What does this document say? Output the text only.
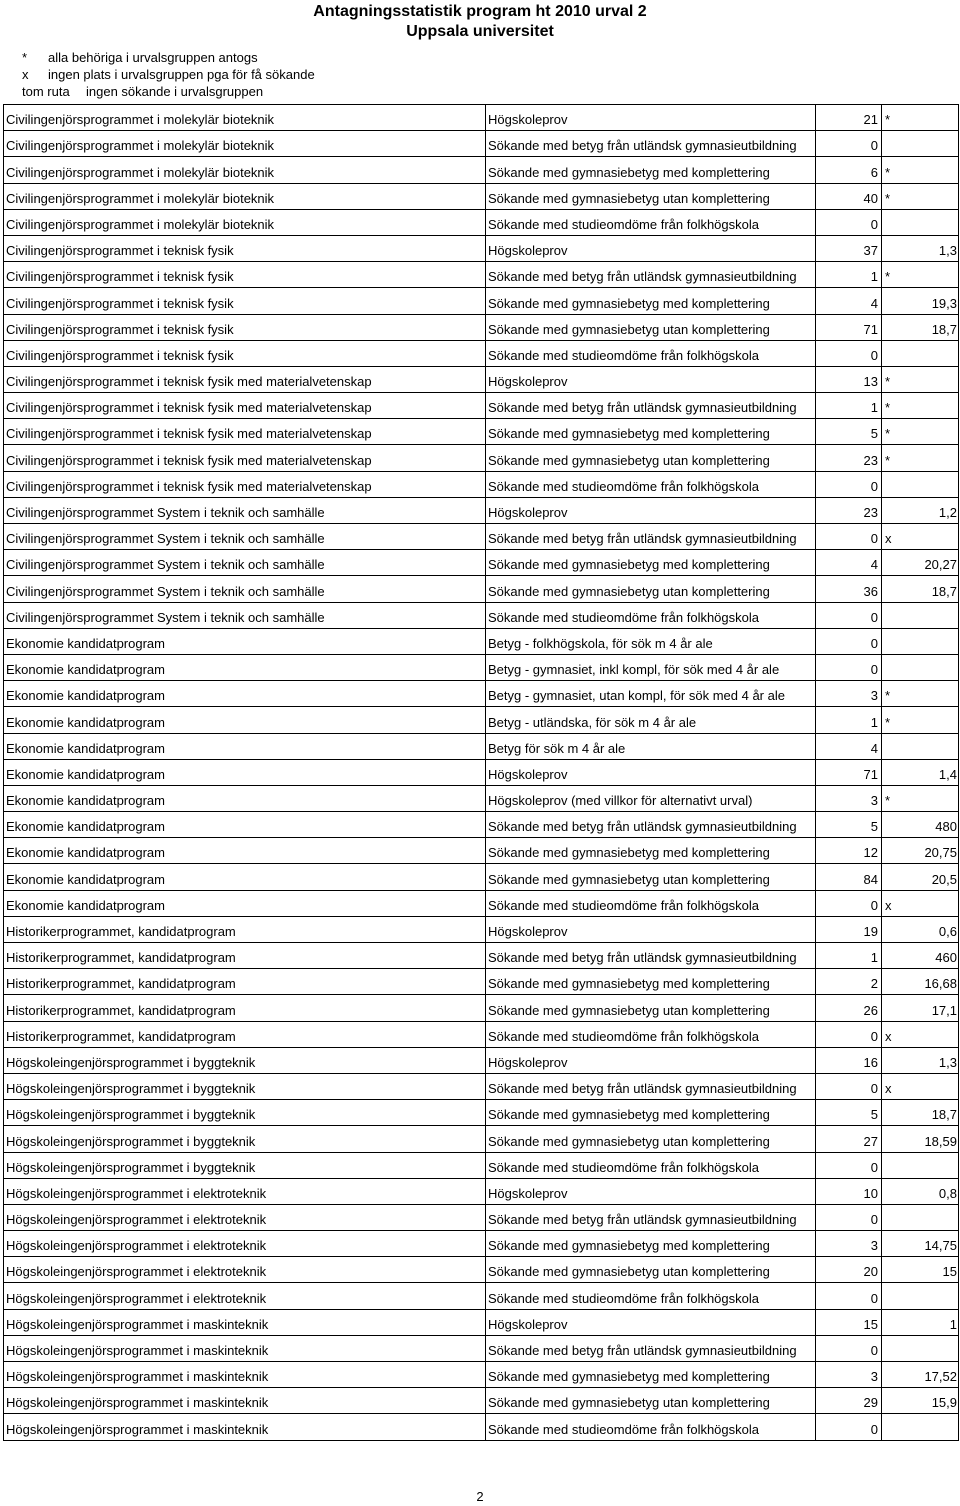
Antagningsstatistik program ht 2010 urval 2
Uppsala universitet
*	alla behöriga i urvalsgruppen antogs
x	ingen plats i urvalsgruppen pga för få sökande
tom ruta	ingen sökande i urvalsgruppen
Civilingenjörsprogrammet i molekylär bioteknik	Högskoleprov	21 *
Civilingenjörsprogrammet i molekylär bioteknik	Sökande med betyg från utländsk gymnasieutbildning	0
Civilingenjörsprogrammet i molekylär bioteknik	Sökande med gymnasiebetyg med komplettering	6 *
Civilingenjörsprogrammet i molekylär bioteknik	Sökande med gymnasiebetyg utan komplettering	40 *
Civilingenjörsprogrammet i molekylär bioteknik	Sökande med studieomdöme från folkhögskola	0
Civilingenjörsprogrammet i teknisk fysik	Högskoleprov	37	1,3
Civilingenjörsprogrammet i teknisk fysik	Sökande med betyg från utländsk gymnasieutbildning	1 *
Civilingenjörsprogrammet i teknisk fysik	Sökande med gymnasiebetyg med komplettering	4	19,3
Civilingenjörsprogrammet i teknisk fysik	Sökande med gymnasiebetyg utan komplettering	71	18,7
Civilingenjörsprogrammet i teknisk fysik	Sökande med studieomdöme från folkhögskola	0
Civilingenjörsprogrammet i teknisk fysik med materialvetenskap	Högskoleprov	13 *
Civilingenjörsprogrammet i teknisk fysik med materialvetenskap	Sökande med betyg från utländsk gymnasieutbildning	1 *
Civilingenjörsprogrammet i teknisk fysik med materialvetenskap	Sökande med gymnasiebetyg med komplettering	5 *
Civilingenjörsprogrammet i teknisk fysik med materialvetenskap	Sökande med gymnasiebetyg utan komplettering	23 *
Civilingenjörsprogrammet i teknisk fysik med materialvetenskap	Sökande med studieomdöme från folkhögskola	0
Civilingenjörsprogrammet System i teknik och samhälle	Högskoleprov	23	1,2
Civilingenjörsprogrammet System i teknik och samhälle	Sökande med betyg från utländsk gymnasieutbildning	0 x
Civilingenjörsprogrammet System i teknik och samhälle	Sökande med gymnasiebetyg med komplettering	4	20,27
Civilingenjörsprogrammet System i teknik och samhälle	Sökande med gymnasiebetyg utan komplettering	36	18,7
Civilingenjörsprogrammet System i teknik och samhälle	Sökande med studieomdöme från folkhögskola	0
Ekonomie kandidatprogram	Betyg - folkhögskola, för sök m 4 år ale	0
Ekonomie kandidatprogram	Betyg - gymnasiet, inkl kompl, för sök med 4 år ale	0
Ekonomie kandidatprogram	Betyg - gymnasiet, utan kompl, för sök med 4 år ale	3 *
Ekonomie kandidatprogram	Betyg - utländska, för sök m 4 år ale	1 *
Ekonomie kandidatprogram	Betyg för sök m 4 år ale	4
Ekonomie kandidatprogram	Högskoleprov	71	1,4
Ekonomie kandidatprogram	Högskoleprov (med villkor för alternativt urval)	3 *
Ekonomie kandidatprogram	Sökande med betyg från utländsk gymnasieutbildning	5	480
Ekonomie kandidatprogram	Sökande med gymnasiebetyg med komplettering	12	20,75
Ekonomie kandidatprogram	Sökande med gymnasiebetyg utan komplettering	84	20,5
Ekonomie kandidatprogram	Sökande med studieomdöme från folkhögskola	0 x
Historikerprogrammet, kandidatprogram	Högskoleprov	19	0,6
Historikerprogrammet, kandidatprogram	Sökande med betyg från utländsk gymnasieutbildning	1	460
Historikerprogrammet, kandidatprogram	Sökande med gymnasiebetyg med komplettering	2	16,68
Historikerprogrammet, kandidatprogram	Sökande med gymnasiebetyg utan komplettering	26	17,1
Historikerprogrammet, kandidatprogram	Sökande med studieomdöme från folkhögskola	0 x
Högskoleingenjörsprogrammet i byggteknik	Högskoleprov	16	1,3
Högskoleingenjörsprogrammet i byggteknik	Sökande med betyg från utländsk gymnasieutbildning	0 x
Högskoleingenjörsprogrammet i byggteknik	Sökande med gymnasiebetyg med komplettering	5	18,7
Högskoleingenjörsprogrammet i byggteknik	Sökande med gymnasiebetyg utan komplettering	27	18,59
Högskoleingenjörsprogrammet i byggteknik	Sökande med studieomdöme från folkhögskola	0
Högskoleingenjörsprogrammet i elektroteknik	Högskoleprov	10	0,8
Högskoleingenjörsprogrammet i elektroteknik	Sökande med betyg från utländsk gymnasieutbildning	0
Högskoleingenjörsprogrammet i elektroteknik	Sökande med gymnasiebetyg med komplettering	3	14,75
Högskoleingenjörsprogrammet i elektroteknik	Sökande med gymnasiebetyg utan komplettering	20	15
Högskoleingenjörsprogrammet i elektroteknik	Sökande med studieomdöme från folkhögskola	0
Högskoleingenjörsprogrammet i maskinteknik	Högskoleprov	15	1
Högskoleingenjörsprogrammet i maskinteknik	Sökande med betyg från utländsk gymnasieutbildning	0
Högskoleingenjörsprogrammet i maskinteknik	Sökande med gymnasiebetyg med komplettering	3	17,52
Högskoleingenjörsprogrammet i maskinteknik	Sökande med gymnasiebetyg utan komplettering	29	15,9
Högskoleingenjörsprogrammet i maskinteknik	Sökande med studieomdöme från folkhögskola	0
2
